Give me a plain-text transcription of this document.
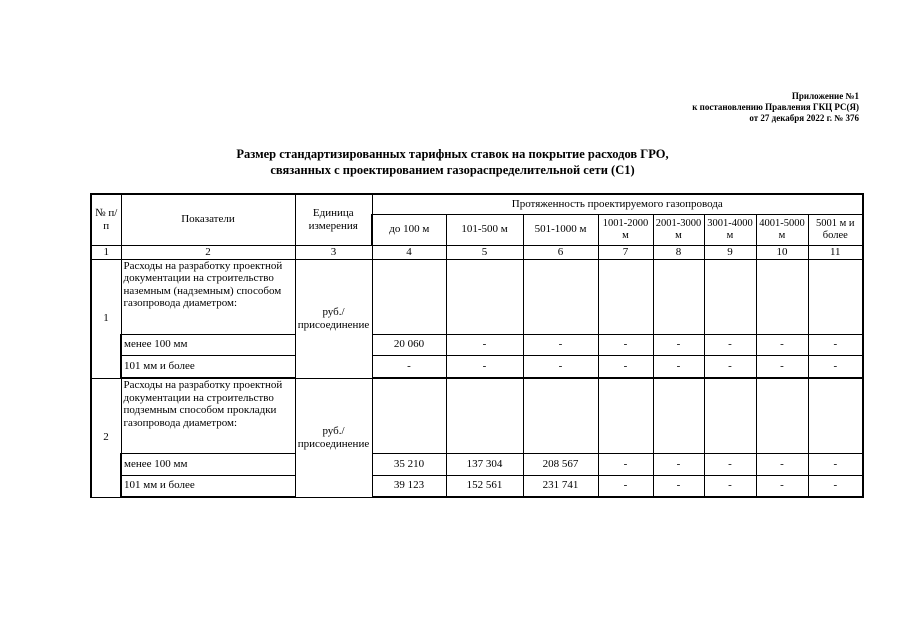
Приложение №1
к постановлению Правления ГКЦ РС(Я)
от 27 декабря 2022 г. № 376
Размер стандартизированных тарифных ставок на покрытие расходов ГРО,
связанных с проектированием газораспределительной сети (С1)
№ п/п	Показатели	Единица измерения	Протяженность проектируемого газопровода							
			до 100 м	101-500 м	501-1000 м	1001-2000 м	2001-3000 м	3001-4000 м	4001-5000 м	5001 м и более
1	2	3	4	5	6	7	8	9	10	11
1	Расходы на разработку проектной документации на строительство наземным (надземным) способом газопровода диаметром:	руб./присоединение								
	менее 100 мм		20 060	-	-	-	-	-	-	-
	101 мм и более		-	-	-	-	-	-	-	-
2	Расходы на разработку проектной документации на строительство подземным способом прокладки газопровода диаметром:	руб./присоединение								
	менее 100 мм		35 210	137 304	208 567	-	-	-	-	-
	101 мм и более		39 123	152 561	231 741	-	-	-	-	-
